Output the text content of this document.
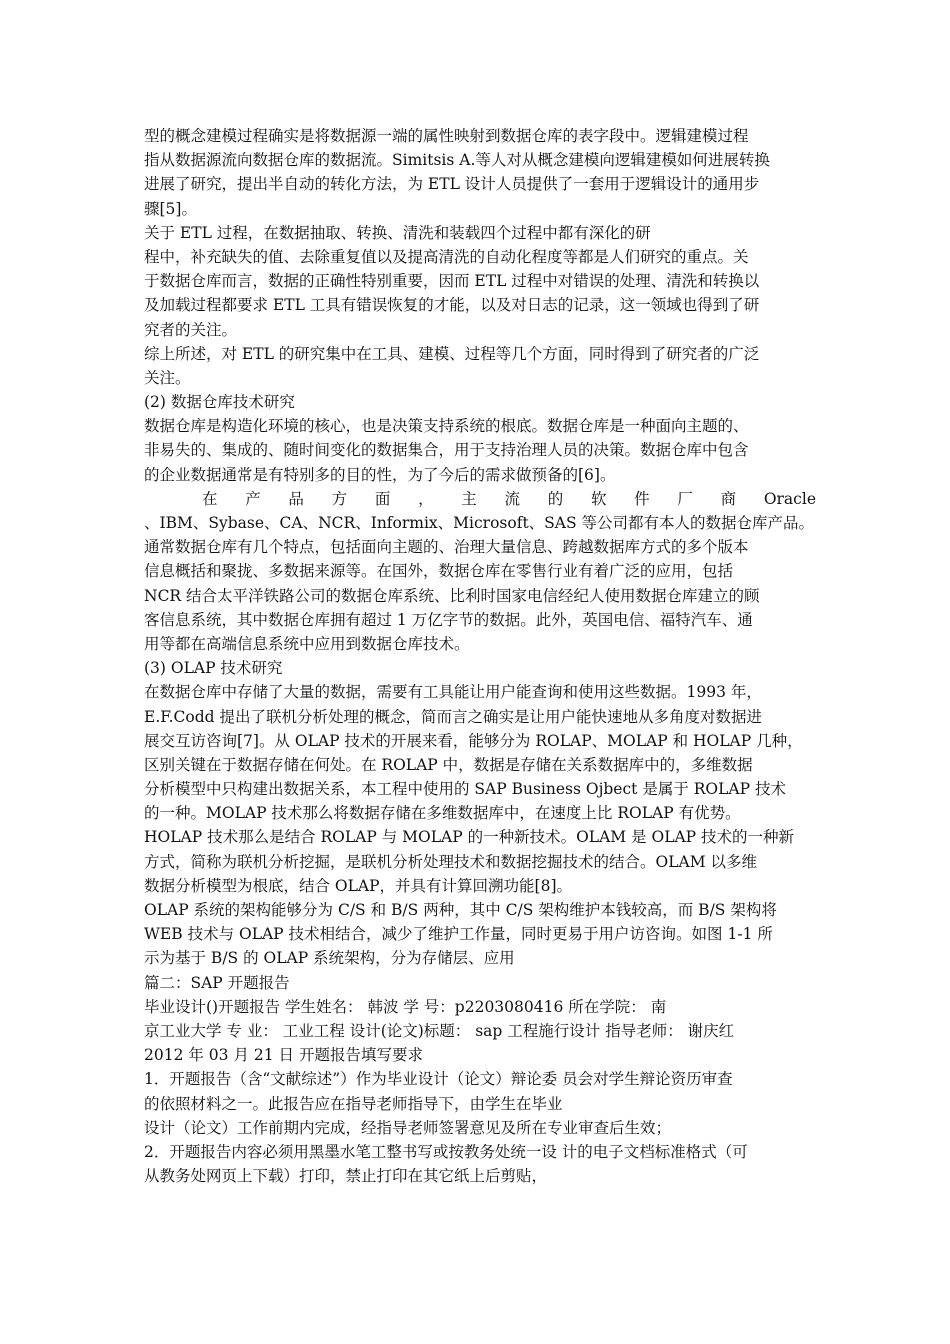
型的概念建模过程确实是将数据源一端的属性映射到数据仓库的表字段中。逻辑建模过程
指从数据源流向数据仓库的数据流。Simitsis A.等人对从概念建模向逻辑建模如何进展转换
进展了研究，提出半自动的转化方法，为 ETL 设计人员提供了一套用于逻辑设计的通用步
骤[5]。
关于 ETL 过程，在数据抽取、转换、清洗和装载四个过程中都有深化的研
程中，补充缺失的值、去除重复值以及提高清洗的自动化程度等都是人们研究的重点。关
于数据仓库而言，数据的正确性特别重要，因而 ETL 过程中对错误的处理、清洗和转换以
及加载过程都要求 ETL 工具有错误恢复的才能，以及对日志的记录，这一领域也得到了研
究者的关注。
综上所述，对 ETL 的研究集中在工具、建模、过程等几个方面，同时得到了研究者的广泛
关注。
(2) 数据仓库技术研究
数据仓库是构造化环境的核心，也是决策支持系统的根底。数据仓库是一种面向主题的、
非易失的、集成的、随时间变化的数据集合，用于支持治理人员的决策。数据仓库中包含
的企业数据通常是有特别多的目的性，为了今后的需求做预备的[6]。
在 产 品 方 面 ， 主 流 的 软 件 厂 商 Oracle
、IBM、Sybase、CA、NCR、Informix、Microsoft、SAS 等公司都有本人的数据仓库产品。
通常数据仓库有几个特点，包括面向主题的、治理大量信息、跨越数据库方式的多个版本
信息概括和聚拢、多数据来源等。在国外，数据仓库在零售行业有着广泛的应用，包括
NCR 结合太平洋铁路公司的数据仓库系统、比利时国家电信经纪人使用数据仓库建立的顾
客信息系统，其中数据仓库拥有超过 1 万亿字节的数据。此外，英国电信、福特汽车、通
用等都在高端信息系统中应用到数据仓库技术。
(3) OLAP 技术研究
在数据仓库中存储了大量的数据，需要有工具能让用户能查询和使用这些数据。1993 年，
E.F.Codd 提出了联机分析处理的概念，简而言之确实是让用户能快速地从多角度对数据进
展交互访咨询[7]。从 OLAP 技术的开展来看，能够分为 ROLAP、MOLAP 和 HOLAP 几种，
区别关键在于数据存储在何处。在 ROLAP 中，数据是存储在关系数据库中的，多维数据
分析模型中只构建出数据关系，本工程中使用的 SAP Business Ojbect 是属于 ROLAP 技术
的一种。MOLAP 技术那么将数据存储在多维数据库中，在速度上比 ROLAP 有优势。
HOLAP 技术那么是结合 ROLAP 与 MOLAP 的一种新技术。OLAM 是 OLAP 技术的一种新
方式，简称为联机分析挖掘，是联机分析处理技术和数据挖掘技术的结合。OLAM 以多维
数据分析模型为根底，结合 OLAP，并具有计算回溯功能[8]。
OLAP 系统的架构能够分为 C/S 和 B/S 两种，其中 C/S 架构维护本钱较高，而 B/S 架构将
WEB 技术与 OLAP 技术相结合，减少了维护工作量，同时更易于用户访咨询。如图 1-1 所
示为基于 B/S 的 OLAP 系统架构，分为存储层、应用
篇二：SAP 开题报告
毕业设计()开题报告 学生姓名： 韩波 学 号：p2203080416 所在学院： 南
京工业大学 专 业： 工业工程 设计(论文)标题： sap 工程施行设计 指导老师： 谢庆红
2012 年 03 月 21 日 开题报告填写要求
1．开题报告（含“文献综述”）作为毕业设计（论文）辩论委 员会对学生辩论资历审查
的依照材料之一。此报告应在指导老师指导下，由学生在毕业
设计（论文）工作前期内完成，经指导老师签署意见及所在专业审查后生效；
2．开题报告内容必须用黑墨水笔工整书写或按教务处统一设 计的电子文档标准格式（可
从教务处网页上下载）打印，禁止打印在其它纸上后剪贴，
